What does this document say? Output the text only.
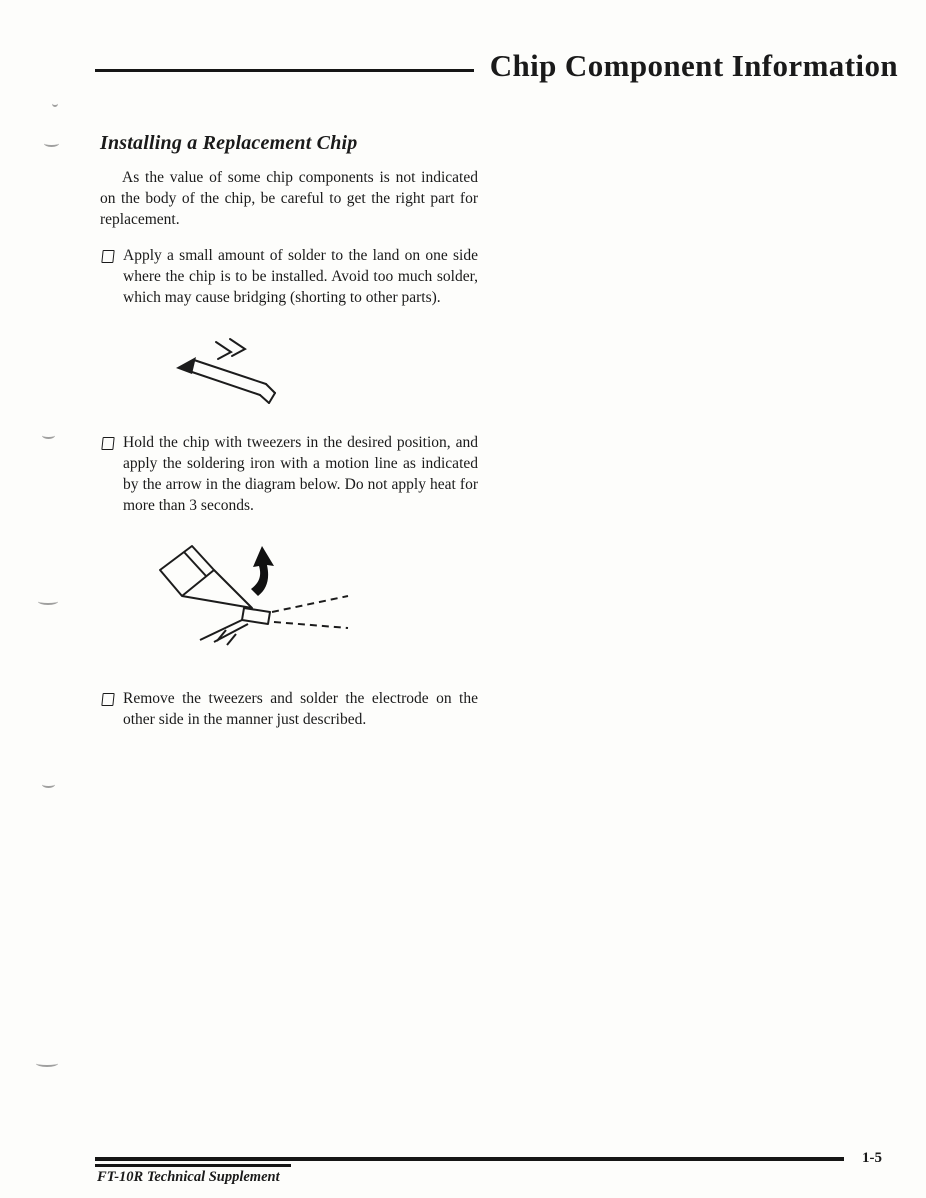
Chip Component Information
Installing a Replacement Chip

As the value of some chip components is not indicated on the body of the chip, be careful to get the right part for replacement.

Apply a small amount of solder to the land on one side where the chip is to be installed. Avoid too much solder, which may cause bridging (shorting to other parts).

Hold the chip with tweezers in the desired position, and apply the soldering iron with a motion line as indicated by the arrow in the diagram below. Do not apply heat for more than 3 seconds.

Remove the tweezers and solder the electrode on the other side in the manner just described.

1-5

FT-10R Technical Supplement
